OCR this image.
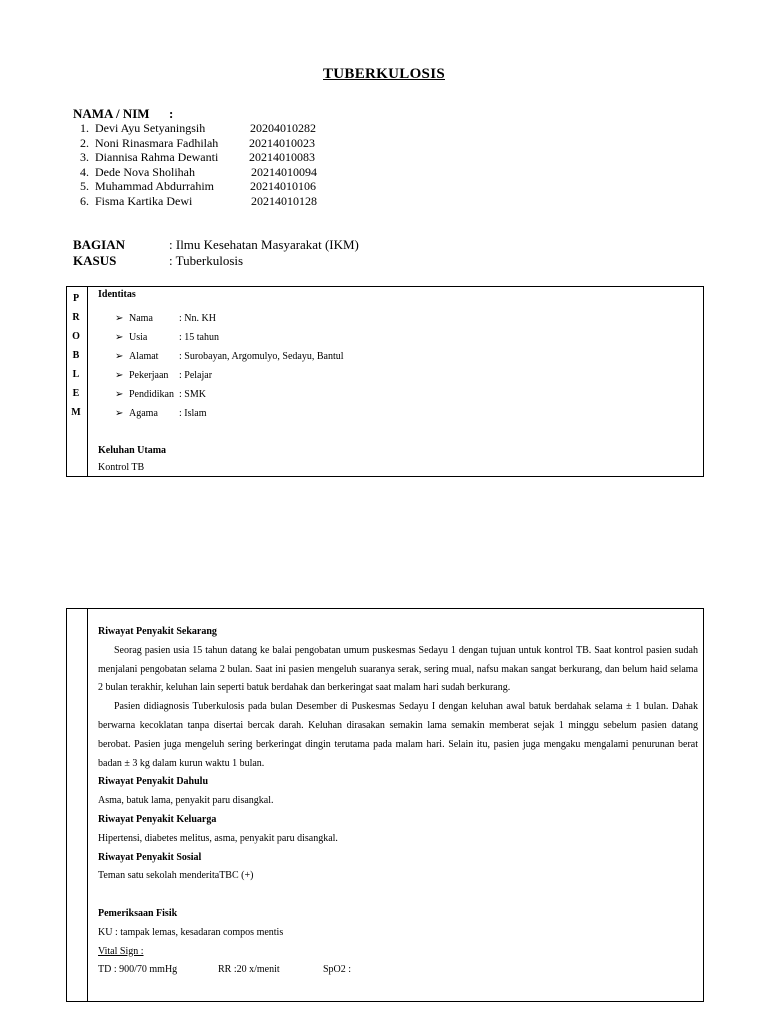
TUBERKULOSIS
NAMA / NIM :
1. Devi Ayu Setyaningsih	20204010282
2. Noni Rinasmara Fadhilah	20214010023
3. Diannisa Rahma Dewanti	20214010083
4. Dede Nova Sholihah	20214010094
5. Muhammad Abdurrahim	20214010106
6. Fisma Kartika Dewi	20214010128
BAGIAN	: Ilmu Kesehatan Masyarakat (IKM)
KASUS	: Tuberkulosis
P
R
O
B
L
E
M
Identitas
➢ Nama	: Nn. KH
➢ Usia	: 15 tahun
➢ Alamat : Surobayan, Argomulyo, Sedayu, Bantul
➢ Pekerjaan : Pelajar
➢ Pendidikan : SMK
➢ Agama : Islam
Keluhan Utama
Kontrol TB
Riwayat Penyakit Sekarang

Seorag pasien usia 15 tahun datang ke balai pengobatan umum puskesmas Sedayu 1 dengan tujuan untuk kontrol TB. Saat kontrol pasien sudah menjalani pengobatan selama 2 bulan. Saat ini pasien mengeluh suaranya serak, sering mual, nafsu makan sangat berkurang, dan belum haid selama 2 bulan terakhir, keluhan lain seperti batuk berdahak dan berkeringat saat malam hari sudah berkurang.

Pasien didiagnosis Tuberkulosis pada bulan Desember di Puskesmas Sedayu I dengan keluhan awal batuk berdahak selama ± 1 bulan. Dahak berwarna kecoklatan tanpa disertai bercak darah. Keluhan dirasakan semakin lama semakin memberat sejak 1 minggu sebelum pasien datang berobat. Pasien juga mengeluh sering berkeringat dingin terutama pada malam hari. Selain itu, pasien juga mengaku mengalami penurunan berat badan ± 3 kg dalam kurun waktu 1 bulan.

Riwayat Penyakit Dahulu
Asma, batuk lama, penyakit paru disangkal.
Riwayat Penyakit Keluarga
Hipertensi, diabetes melitus, asma, penyakit paru disangkal.
Riwayat Penyakit Sosial
Teman satu sekolah menderitaTBC (+)
Pemeriksaan Fisik
KU : tampak lemas, kesadaran compos mentis
Vital Sign :
TD : 900/70 mmHg	RR :20 x/menit	SpO2 :
